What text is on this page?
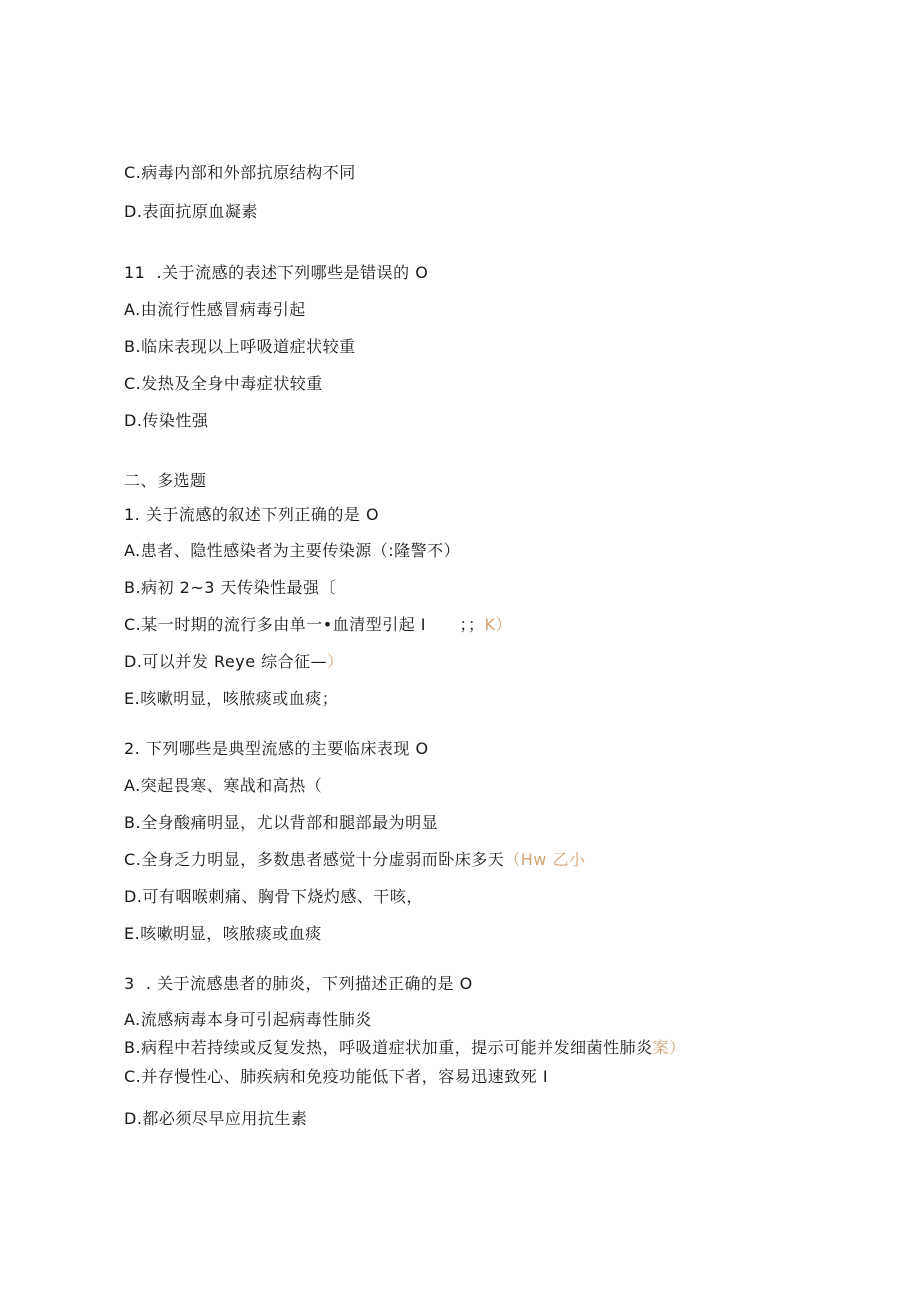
C.病毒内部和外部抗原结构不同
D.表面抗原血凝素
11  .关于流感的表述下列哪些是错误的 O
A.由流行性感冒病毒引起
B.临床表现以上呼吸道症状较重
C.发热及全身中毒症状较重
D.传染性强
二、多选题
1. 关于流感的叙述下列正确的是 O
A.患者、隐性感染者为主要传染源（:隆警不）
B.病初 2~3 天传染性最强〔
C.某一时期的流行多由单一•血清型引起 I      ；；K）
D.可以并发 Reye 综合征—）
E.咳嗽明显，咳脓痰或血痰；
2. 下列哪些是典型流感的主要临床表现 O
A.突起畏寒、寒战和高热（
B.全身酸痛明显，尤以背部和腿部最为明显
C.全身乏力明显，多数患者感觉十分虚弱而卧床多天（Hw 乙小
D.可有咽喉刺痛、胸骨下烧灼感、干咳，
E.咳嗽明显，咳脓痰或血痰
3  . 关于流感患者的肺炎，下列描述正确的是 O
A.流感病毒本身可引起病毒性肺炎
B.病程中若持续或反复发热，呼吸道症状加重，提示可能并发细菌性肺炎案）
C.并存慢性心、肺疾病和免疫功能低下者，容易迅速致死 I
D.都必须尽早应用抗生素
